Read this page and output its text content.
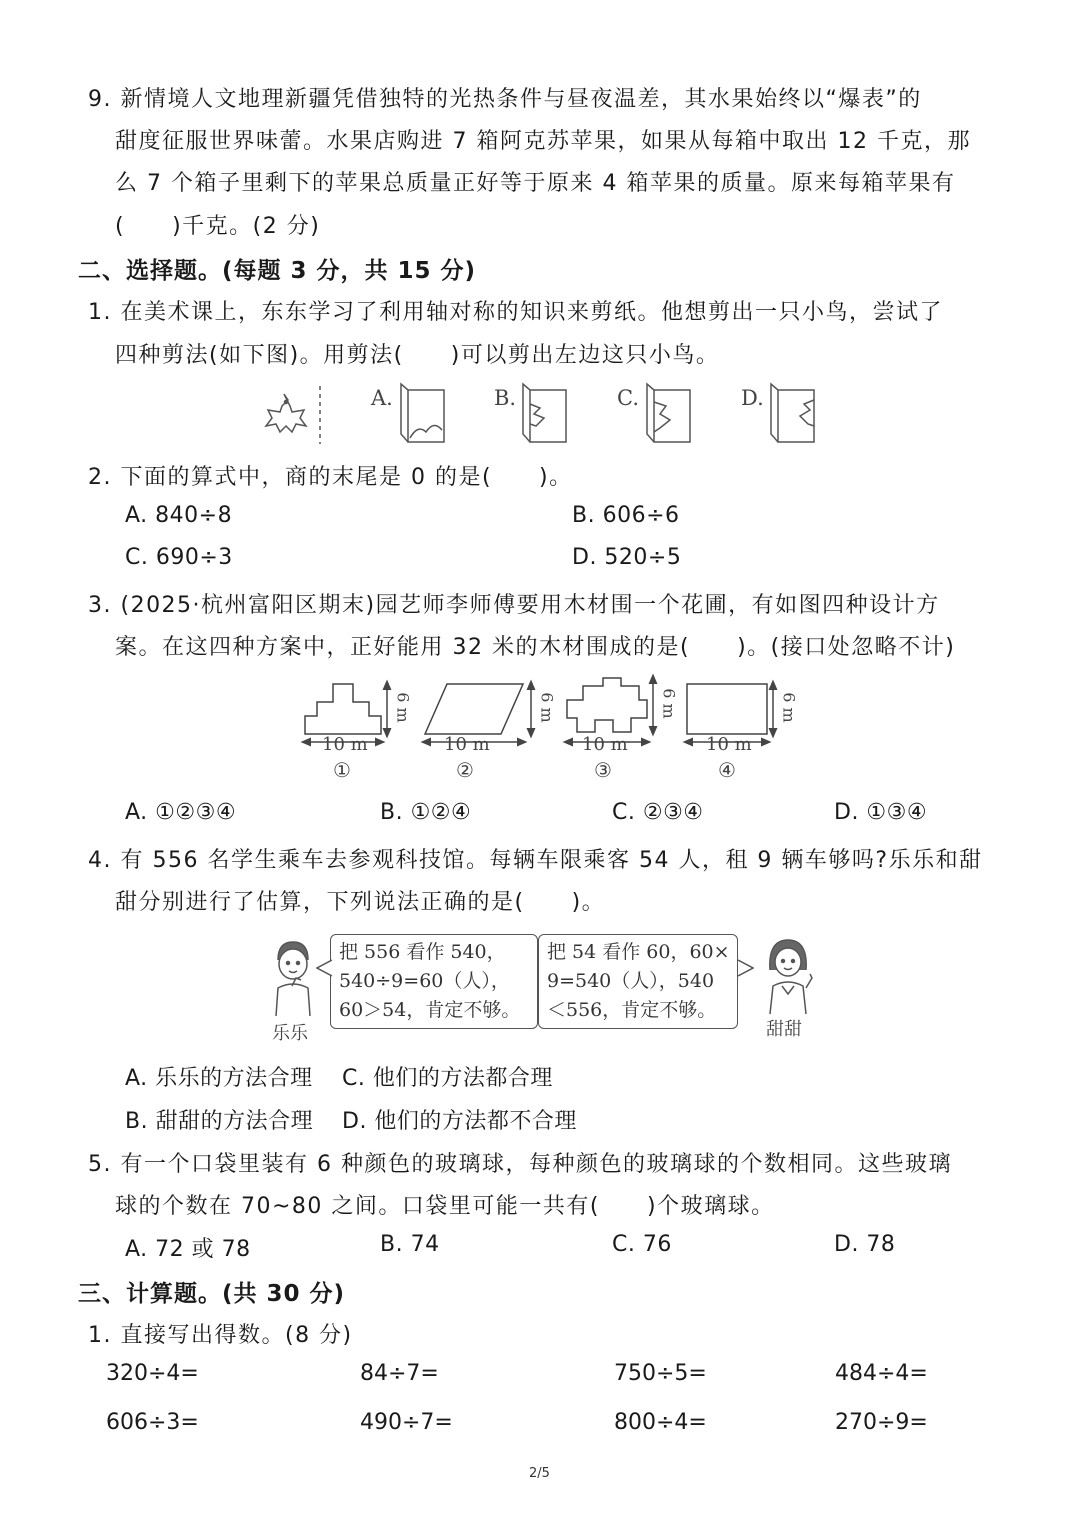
9. 新情境人文地理新疆凭借独特的光热条件与昼夜温差，其水果始终以“爆表”的
甜度征服世界味蕾。水果店购进 7 箱阿克苏苹果，如果从每箱中取出 12 千克，那
么 7 个箱子里剩下的苹果总质量正好等于原来 4 箱苹果的质量。原来每箱苹果有
(　　)千克。(2 分)
二、选择题。(每题 3 分，共 15 分)
1. 在美术课上，东东学习了利用轴对称的知识来剪纸。他想剪出一只小鸟，尝试了
四种剪法(如下图)。用剪法(　　)可以剪出左边这只小鸟。
A.	B.	C.	D.
2. 下面的算式中，商的末尾是 0 的是(　　)。
A. 840÷8	B. 606÷6
C. 690÷3	D. 520÷5
3. (2025·杭州富阳区期末)园艺师李师傅要用木材围一个花圃，有如图四种设计方
案。在这四种方案中，正好能用 32 米的木材围成的是(　　)。(接口处忽略不计)
10 m	10 m	10 m	10 m
6 m	6 m	6 m	6 m
①	②	③	④
A. ①②③④	B. ①②④	C. ②③④	D. ①③④
4. 有 556 名学生乘车去参观科技馆。每辆车限乘客 54 人，租 9 辆车够吗?乐乐和甜
甜分别进行了估算，下列说法正确的是(　　)。
乐乐
把 556 看作 540，
540÷9=60（人），
60＞54，肯定不够。
把 54 看作 60，60×
9=540（人），540
＜556，肯定不够。
甜甜
A. 乐乐的方法合理 C. 他们的方法都合理
B. 甜甜的方法合理 D. 他们的方法都不合理
5. 有一个口袋里装有 6 种颜色的玻璃球，每种颜色的玻璃球的个数相同。这些玻璃
球的个数在 70~80 之间。口袋里可能一共有(　　)个玻璃球。
A. 72 或 78	B. 74	C. 76	D. 78
三、计算题。(共 30 分)
1. 直接写出得数。(8 分)
320÷4=	84÷7=	750÷5=	484÷4=
606÷3=	490÷7=	800÷4=	270÷9=
2/5
